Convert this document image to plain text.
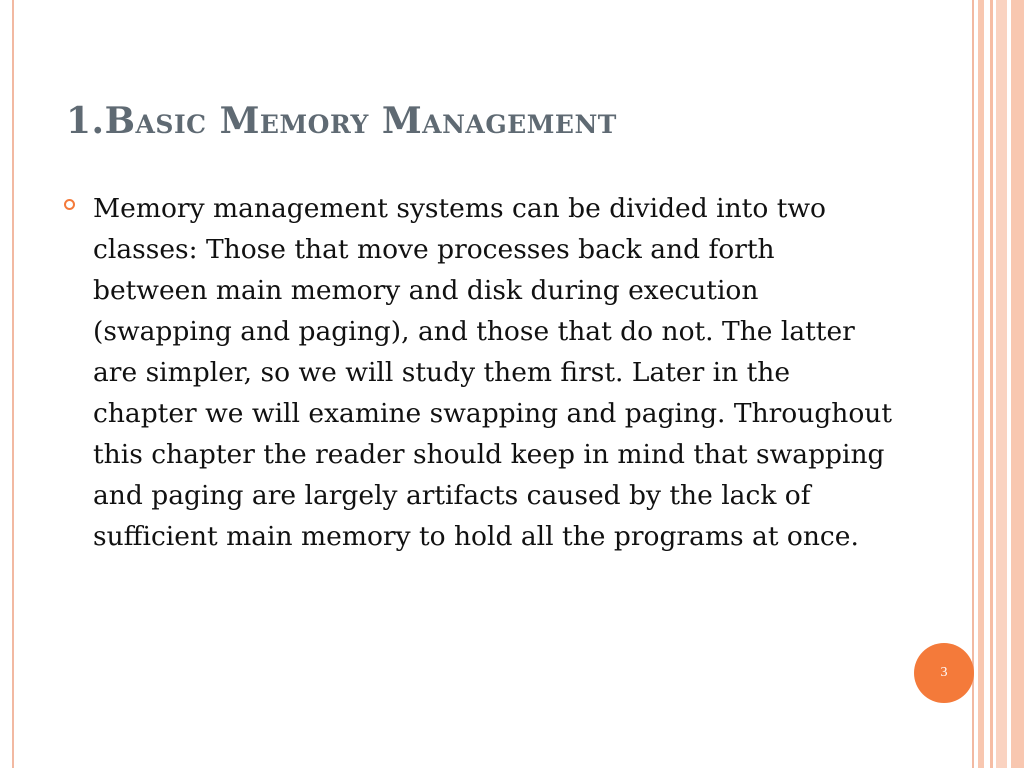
1.Basic Memory Management

Memory management systems can be divided into two classes: Those that move processes back and forth between main memory and disk during execution (swapping and paging), and those that do not. The latter are simpler, so we will study them first. Later in the chapter we will examine swapping and paging. Throughout this chapter the reader should keep in mind that swapping and paging are largely artifacts caused by the lack of sufficient main memory to hold all the programs at once.

3
